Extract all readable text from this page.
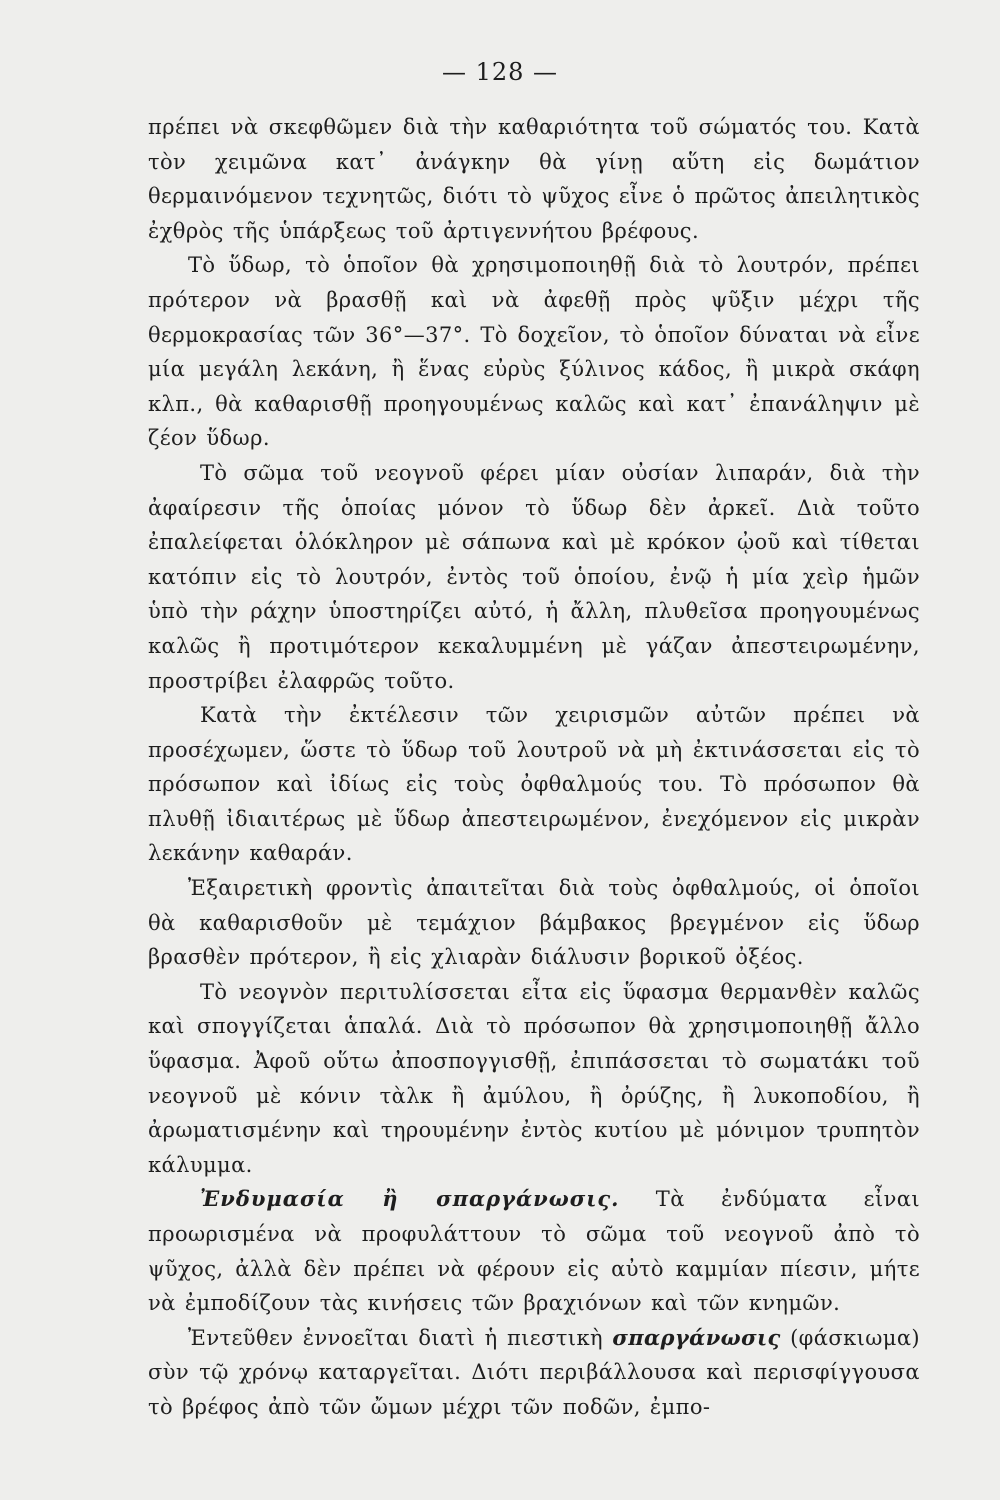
— 128 —

πρέπει νὰ σκεφθῶμεν διὰ τὴν καθαριότητα τοῦ σώματός του. Κατὰ τὸν χειμῶνα κατ᾽ ἀνάγκην θὰ γίνῃ αὕτη εἰς δωμάτιον θερμαινόμενον τεχνητῶς, διότι τὸ ψῦχος εἶνε ὁ πρῶτος ἀπειλητικὸς ἐχθρὸς τῆς ὑπάρξεως τοῦ ἀρτιγεννήτου βρέφους.

Τὸ ὕδωρ, τὸ ὁποῖον θὰ χρησιμοποιηθῇ διὰ τὸ λουτρόν, πρέπει πρότερον νὰ βρασθῇ καὶ νὰ ἀφεθῇ πρὸς ψῦξιν μέχρι τῆς θερμοκρασίας τῶν 36°—37°. Τὸ δοχεῖον, τὸ ὁποῖον δύναται νὰ εἶνε μία μεγάλη λεκάνη, ἢ ἕνας εὐρὺς ξύλινος κάδος, ἢ μικρὰ σκάφη κλπ., θὰ καθαρισθῇ προηγουμένως καλῶς καὶ κατ᾽ ἐπανάληψιν μὲ ζέον ὕδωρ.

Τὸ σῶμα τοῦ νεογνοῦ φέρει μίαν οὐσίαν λιπαράν, διὰ τὴν ἀφαίρεσιν τῆς ὁποίας μόνον τὸ ὕδωρ δὲν ἀρκεῖ. Διὰ τοῦτο ἐπαλείφεται ὁλόκληρον μὲ σάπωνα καὶ μὲ κρόκον ᾠοῦ καὶ τίθεται κατόπιν εἰς τὸ λουτρόν, ἐντὸς τοῦ ὁποίου, ἐνῷ ἡ μία χεὶρ ἡμῶν ὑπὸ τὴν ράχην ὑποστηρίζει αὐτό, ἡ ἄλλη, πλυθεῖσα προηγουμένως καλῶς ἢ προτιμότερον κεκαλυμμένη μὲ γάζαν ἀπεστειρωμένην, προστρίβει ἐλαφρῶς τοῦτο.

Κατὰ τὴν ἐκτέλεσιν τῶν χειρισμῶν αὐτῶν πρέπει νὰ προσέχωμεν, ὥστε τὸ ὕδωρ τοῦ λουτροῦ νὰ μὴ ἐκτινάσσεται εἰς τὸ πρόσωπον καὶ ἰδίως εἰς τοὺς ὀφθαλμούς του. Τὸ πρόσωπον θὰ πλυθῇ ἰδιαιτέρως μὲ ὕδωρ ἀπεστειρωμένον, ἐνεχόμενον εἰς μικρὰν λεκάνην καθαράν.

Ἐξαιρετικὴ φροντὶς ἀπαιτεῖται διὰ τοὺς ὀφθαλμούς, οἱ ὁποῖοι θὰ καθαρισθοῦν μὲ τεμάχιον βάμβακος βρεγμένον εἰς ὕδωρ βρασθὲν πρότερον, ἢ εἰς χλιαρὰν διάλυσιν βορικοῦ ὀξέος.

Τὸ νεογνὸν περιτυλίσσεται εἶτα εἰς ὕφασμα θερμανθὲν καλῶς καὶ σπογγίζεται ἁπαλά. Διὰ τὸ πρόσωπον θὰ χρησιμοποιηθῇ ἄλλο ὕφασμα. Ἀφοῦ οὕτω ἀποσπογγισθῇ, ἐπιπάσσεται τὸ σωματάκι τοῦ νεογνοῦ μὲ κόνιν τὰλκ ἢ ἀμύλου, ἢ ὀρύζης, ἢ λυκοποδίου, ἢ ἀρωματισμένην καὶ τηρουμένην ἐντὸς κυτίου μὲ μόνιμον τρυπητὸν κάλυμμα.

Ἐνδυμασία ἢ σπαργάνωσις. Τὰ ἐνδύματα εἶναι προωρισμένα νὰ προφυλάττουν τὸ σῶμα τοῦ νεογνοῦ ἀπὸ τὸ ψῦχος, ἀλλὰ δὲν πρέπει νὰ φέρουν εἰς αὐτὸ καμμίαν πίεσιν, μήτε νὰ ἐμποδίζουν τὰς κινήσεις τῶν βραχιόνων καὶ τῶν κνημῶν.

Ἐντεῦθεν ἐννοεῖται διατὶ ἡ πιεστικὴ σπαργάνωσις (φάσκιωμα) σὺν τῷ χρόνῳ καταργεῖται. Διότι περιβάλλουσα καὶ περισφίγγουσα τὸ βρέφος ἀπὸ τῶν ὤμων μέχρι τῶν ποδῶν, ἐμπο-
